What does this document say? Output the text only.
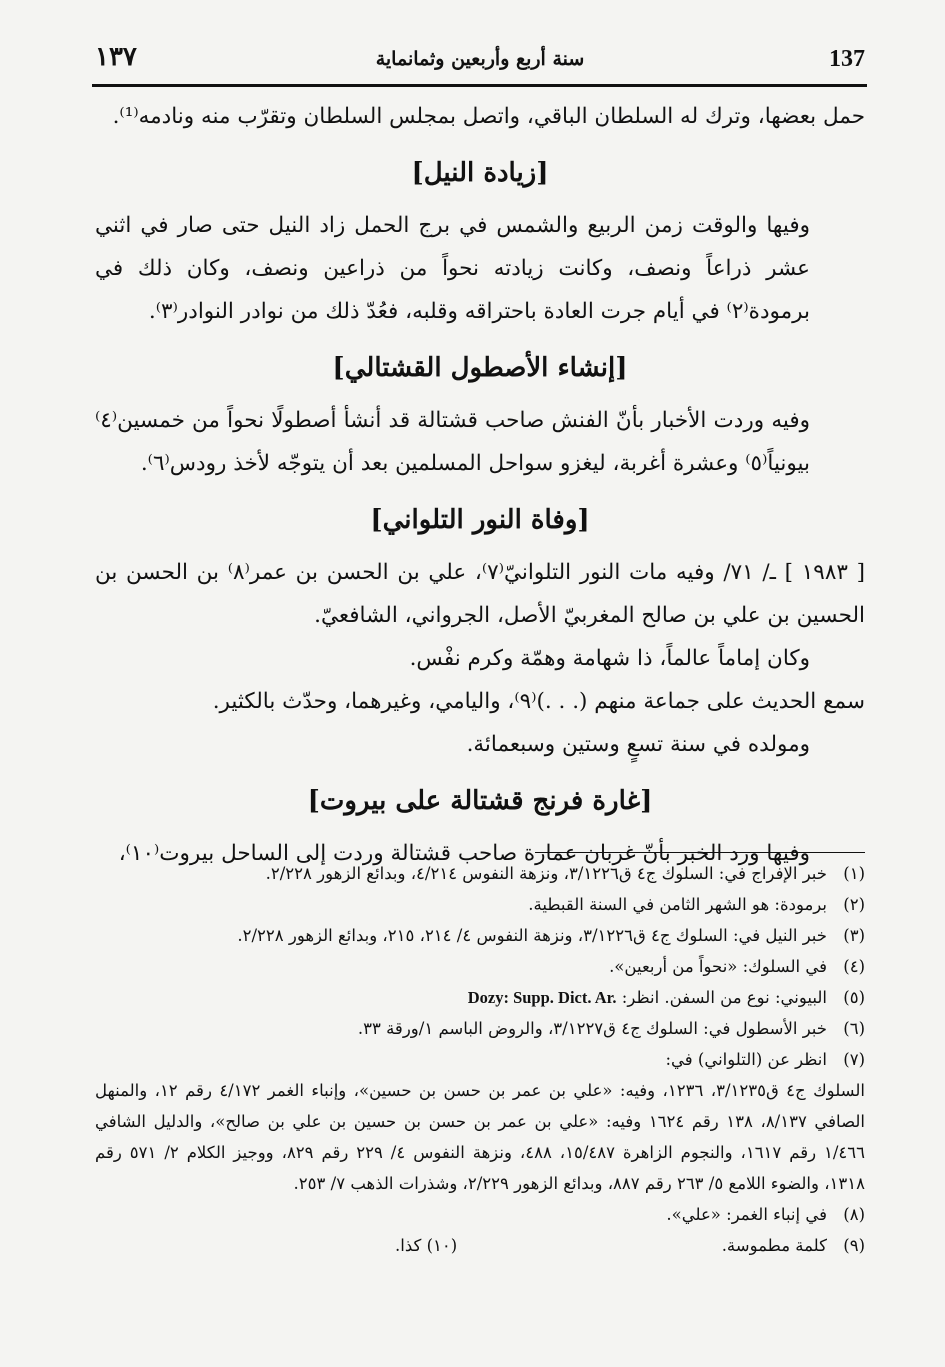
١٣٧	سنة أربع وأربعين وثمانماية	137

حمل بعضها، وترك له السلطان الباقي، واتصل بمجلس السلطان وتقرّب منه ونادمه⁽¹⁾.

[زيادة النيل]

وفيها والوقت زمن الربيع والشمس في برج الحمل زاد النيل حتى صار في اثني عشر ذراعاً ونصف، وكانت زيادته نحواً من ذراعين ونصف، وكان ذلك في برمودة⁽٢⁾ في أيام جرت العادة باحتراقه وقلبه، فعُدّ ذلك من نوادر النوادر⁽٣⁾.

[إنشاء الأصطول القشتالي]

وفيه وردت الأخبار بأنّ الفنش صاحب قشتالة قد أنشأ أصطولًا نحواً من خمسين⁽٤⁾ بيونياً⁽٥⁾ وعشرة أغربة، ليغزو سواحل المسلمين بعد أن يتوجّه لأخذ رودس⁽٦⁾.

[وفاة النور التلواني]

[ ١٩٨٣ ] ـ/ ٧١/ وفيه مات النور التلوانيّ⁽٧⁾، علي بن الحسن بن عمر⁽٨⁾ بن الحسن بن الحسين بن علي بن صالح المغربيّ الأصل، الجرواني، الشافعيّ.

وكان إماماً عالماً، ذا شهامة وهمّة وكرم نفْس.

سمع الحديث على جماعة منهم (. . .)⁽٩⁾، واليامي، وغيرهما، وحدّث بالكثير.

ومولده في سنة تسعٍ وستين وسبعمائة.

[غارة فرنج قشتالة على بيروت]

وفيها ورد الخبر بأنّ غربان عمارة صاحب قشتالة وردت إلى الساحل بيروت⁽١٠⁾،

(١)
خبر الإفراج في: السلوك ج٤ ق٣/١٢٢٦، ونزهة النفوس ٤/٢١٤، وبدائع الزهور ٢/٢٢٨.
(٢)
برمودة: هو الشهر الثامن في السنة القبطية.
(٣)
خبر النيل في: السلوك ج٤ ق٣/١٢٢٦، ونزهة النفوس ٤/ ٢١٤، ٢١٥، وبدائع الزهور ٢/٢٢٨.
(٤)
في السلوك: «نحواً من أربعين».
(٥)
البيوني: نوع من السفن. انظر: Dozy: Supp. Dict. Ar.
(٦)
خبر الأسطول في: السلوك ج٤ ق٣/١٢٢٧، والروض الباسم ١/ورقة ٣٣.
(٧)
انظر عن (التلواني) في:
السلوك ج٤ ق٣/١٢٣٥، ١٢٣٦، وفيه: «علي بن عمر بن حسن بن حسين»، وإنباء الغمر ٤/١٧٢ رقم ١٢، والمنهل الصافي ٨/١٣٧، ١٣٨ رقم ١٦٢٤ وفيه: «علي بن عمر بن حسن بن حسين بن علي بن صالح»، والدليل الشافي ١/٤٦٦ رقم ١٦١٧، والنجوم الزاهرة ١٥/٤٨٧، ٤٨٨، ونزهة النفوس ٤/ ٢٢٩ رقم ٨٢٩، ووجيز الكلام ٢/ ٥٧١ رقم ١٣١٨، والضوء اللامع ٥/ ٢٦٣ رقم ٨٨٧، وبدائع الزهور ٢/٢٢٩، وشذرات الذهب ٧/ ٢٥٣.
(٨)
في إنباء الغمر: «علي».
(٩)
كلمة مطموسة.
(١٠) كذا.
